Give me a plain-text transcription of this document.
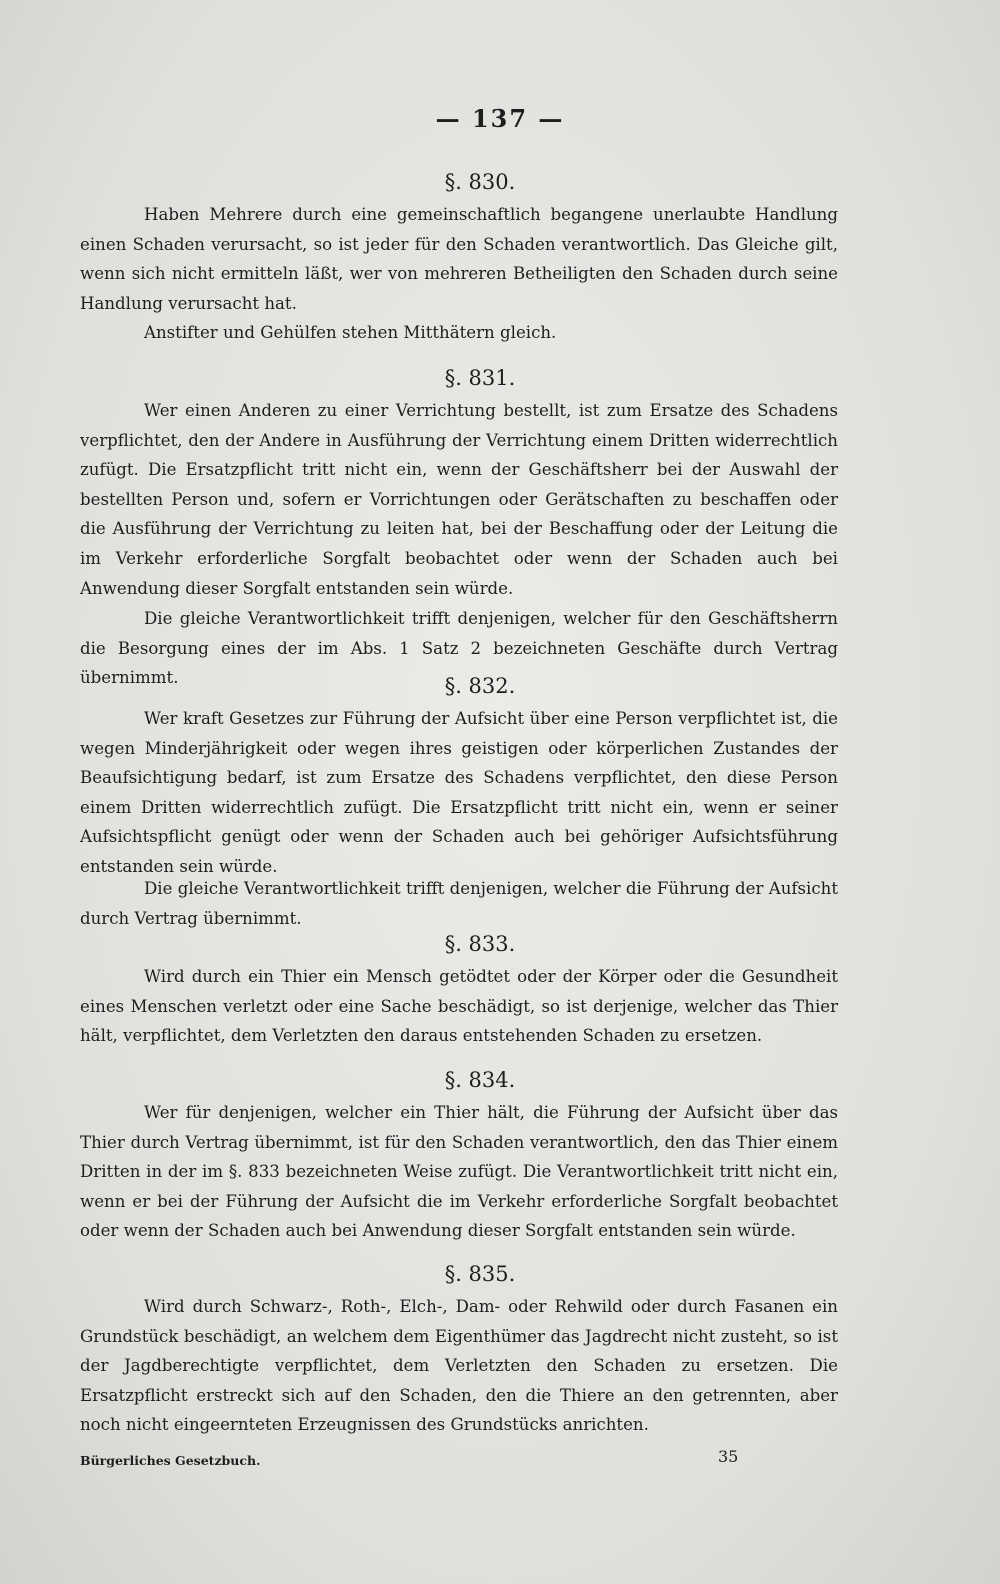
— 137 —
§. 830.

Haben Mehrere durch eine gemeinschaftlich begangene unerlaubte Handlung einen Schaden verursacht, so ist jeder für den Schaden verantwortlich. Das Gleiche gilt, wenn sich nicht ermitteln läßt, wer von mehreren Betheiligten den Schaden durch seine Handlung verursacht hat.

Anstifter und Gehülfen stehen Mitthätern gleich.

§. 831.

Wer einen Anderen zu einer Verrichtung bestellt, ist zum Ersatze des Schadens verpflichtet, den der Andere in Ausführung der Verrichtung einem Dritten widerrechtlich zufügt. Die Ersatzpflicht tritt nicht ein, wenn der Geschäftsherr bei der Auswahl der bestellten Person und, sofern er Vorrichtungen oder Gerätschaften zu beschaffen oder die Ausführung der Verrichtung zu leiten hat, bei der Beschaffung oder der Leitung die im Verkehr erforderliche Sorgfalt beobachtet oder wenn der Schaden auch bei Anwendung dieser Sorgfalt entstanden sein würde.

Die gleiche Verantwortlichkeit trifft denjenigen, welcher für den Geschäftsherrn die Besorgung eines der im Abs. 1 Satz 2 bezeichneten Geschäfte durch Vertrag übernimmt.	§. 832.

Wer kraft Gesetzes zur Führung der Aufsicht über eine Person verpflichtet ist, die wegen Minderjährigkeit oder wegen ihres geistigen oder körperlichen Zustandes der Beaufsichtigung bedarf, ist zum Ersatze des Schadens verpflichtet, den diese Person einem Dritten widerrechtlich zufügt. Die Ersatzpflicht tritt nicht ein, wenn er seiner Aufsichtspflicht genügt oder wenn der Schaden auch bei gehöriger Aufsichtsführung entstanden sein würde.

Die gleiche Verantwortlichkeit trifft denjenigen, welcher die Führung der Aufsicht durch Vertrag übernimmt.

§. 833.

Wird durch ein Thier ein Mensch getödtet oder der Körper oder die Gesundheit eines Menschen verletzt oder eine Sache beschädigt, so ist derjenige, welcher das Thier hält, verpflichtet, dem Verletzten den daraus entstehenden Schaden zu ersetzen.

§. 834.

Wer für denjenigen, welcher ein Thier hält, die Führung der Aufsicht über das Thier durch Vertrag übernimmt, ist für den Schaden verantwortlich, den das Thier einem Dritten in der im §. 833 bezeichneten Weise zufügt. Die Verantwortlichkeit tritt nicht ein, wenn er bei der Führung der Aufsicht die im Verkehr erforderliche Sorgfalt beobachtet oder wenn der Schaden auch bei Anwendung dieser Sorgfalt entstanden sein würde.

§. 835.

Wird durch Schwarz-, Roth-, Elch-, Dam- oder Rehwild oder durch Fasanen ein Grundstück beschädigt, an welchem dem Eigenthümer das Jagdrecht nicht zusteht, so ist der Jagdberechtigte verpflichtet, dem Verletzten den Schaden zu ersetzen. Die Ersatzpflicht erstreckt sich auf den Schaden, den die Thiere an den getrennten, aber noch nicht eingeernteten Erzeugnissen des Grundstücks anrichten.

Bürgerliches Gesetzbuch.	35
